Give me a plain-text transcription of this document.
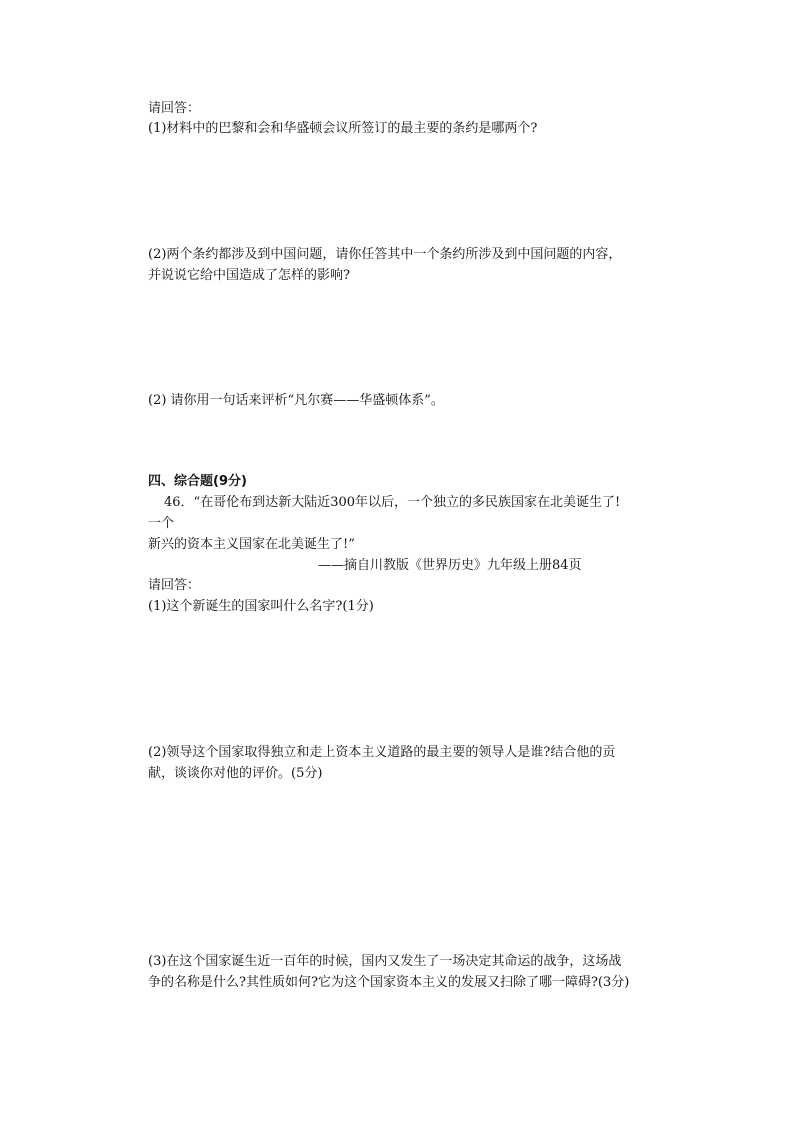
请回答：
(1)材料中的巴黎和会和华盛顿会议所签订的最主要的条约是哪两个?
(2)两个条约都涉及到中国问题，请你任答其中一个条约所涉及到中国问题的内容，
并说说它给中国造成了怎样的影响?
(2) 请你用一句话来评析“凡尔赛——华盛顿体系”。
四、综合题(9分)
46．“在哥伦布到达新大陆近300年以后，一个独立的多民族国家在北美诞生了!
一个
新兴的资本主义国家在北美诞生了!”
——摘自川教版《世界历史》九年级上册84页
请回答：
(1)这个新诞生的国家叫什么名字?(1分)
(2)领导这个国家取得独立和走上资本主义道路的最主要的领导人是谁?结合他的贡
献，谈谈你对他的评价。(5分)
(3)在这个国家诞生近一百年的时候，国内又发生了一场决定其命运的战争，这场战
争的名称是什么?其性质如何?它为这个国家资本主义的发展又扫除了哪一障碍?(3分)
